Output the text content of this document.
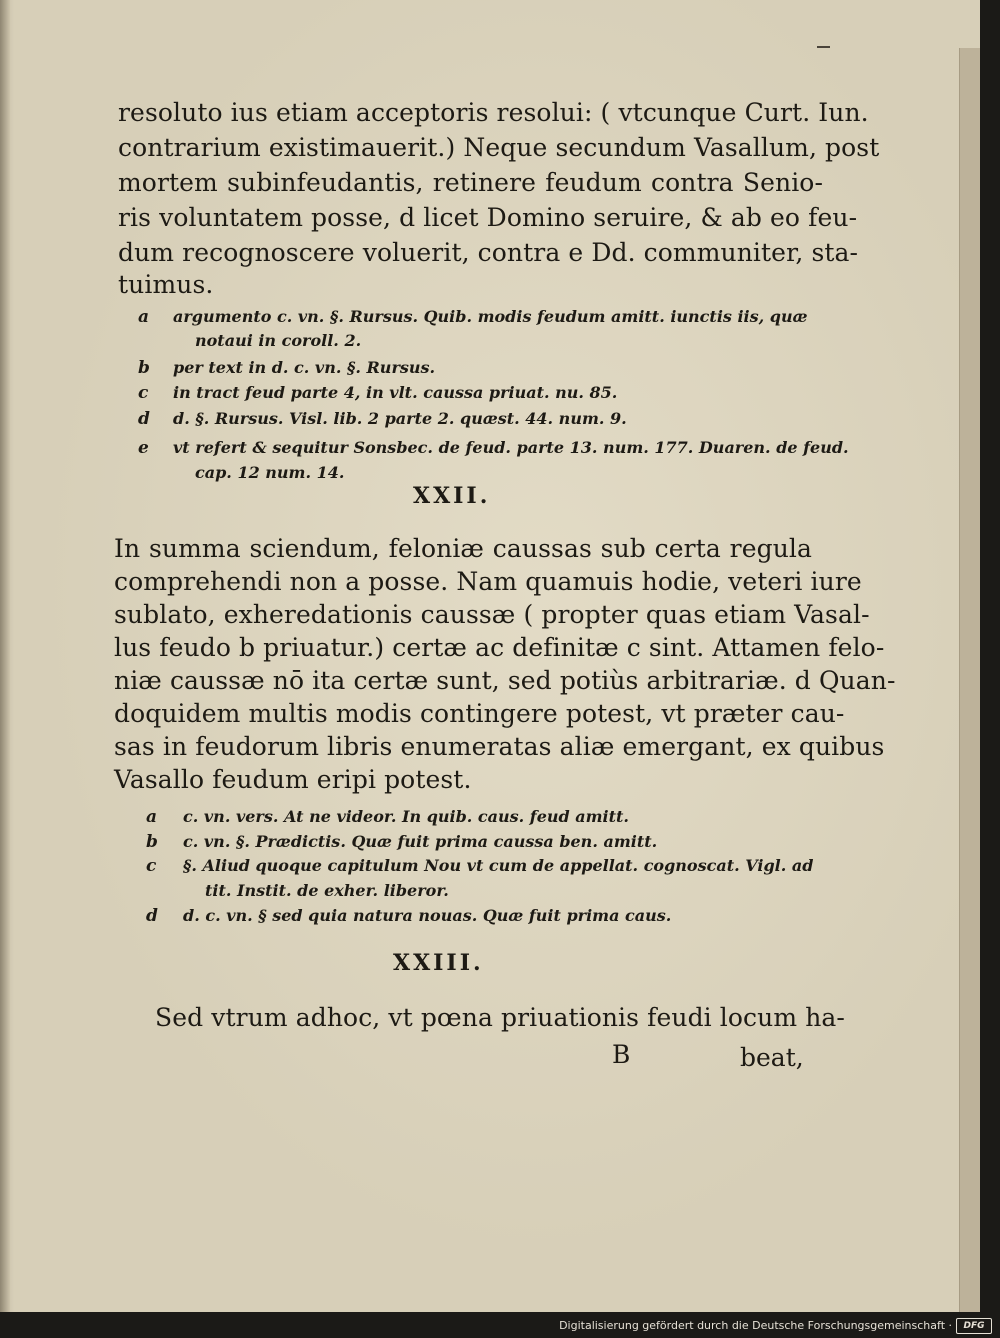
resoluto ius etiam acceptoris resolui: ( vtcunque Curt. Iun.
contrarium existimauerit.) Neque secundum Vasallum, post
mortem subinfeudantis, retinere feudum contra Senio-
ris voluntatem posse, d licet Domino seruire, & ab eo feu-
dum recognoscere voluerit, contra e Dd. communiter, sta-
tuimus.
a argumento c. vn. §. Rursus. Quib. modis feudum amitt. iunctis iis, quæ
notaui in coroll. 2.
b per text in d. c. vn. §. Rursus.
c in tract feud parte 4, in vlt. caussa priuat. nu. 85.
d d. §. Rursus. Visl. lib. 2 parte 2. quæst. 44. num. 9.
e vt refert & sequitur Sonsbec. de feud. parte 13. num. 177. Duaren. de feud.
cap. 12 num. 14.
XXII.
In summa sciendum, feloniæ caussas sub certa regula
comprehendi non a posse. Nam quamuis hodie, veteri iure
sublato, exheredationis caussæ ( propter quas etiam Vasal-
lus feudo b priuatur.) certæ ac definitæ c sint. Attamen felo-
niæ caussæ nō ita certæ sunt, sed potiùs arbitrariæ. d Quan-
doquidem multis modis contingere potest, vt præter cau-
sas in feudorum libris enumeratas aliæ emergant, ex quibus
Vasallo feudum eripi potest.
a c. vn. vers. At ne videor. In quib. caus. feud amitt.
b c. vn. §. Prædictis. Quæ fuit prima caussa ben. amitt.
c §. Aliud quoque capitulum Nou vt cum de appellat. cognoscat. Vigl. ad
tit. Instit. de exher. liberor.
d d. c. vn. § sed quia natura nouas. Quæ fuit prima caus.
XXIII.
Sed vtrum adhoc, vt pœna priuationis feudi locum ha-
B	beat,
Digitalisierung gefördert durch die Deutsche Forschungsgemeinschaft ·	DFG
